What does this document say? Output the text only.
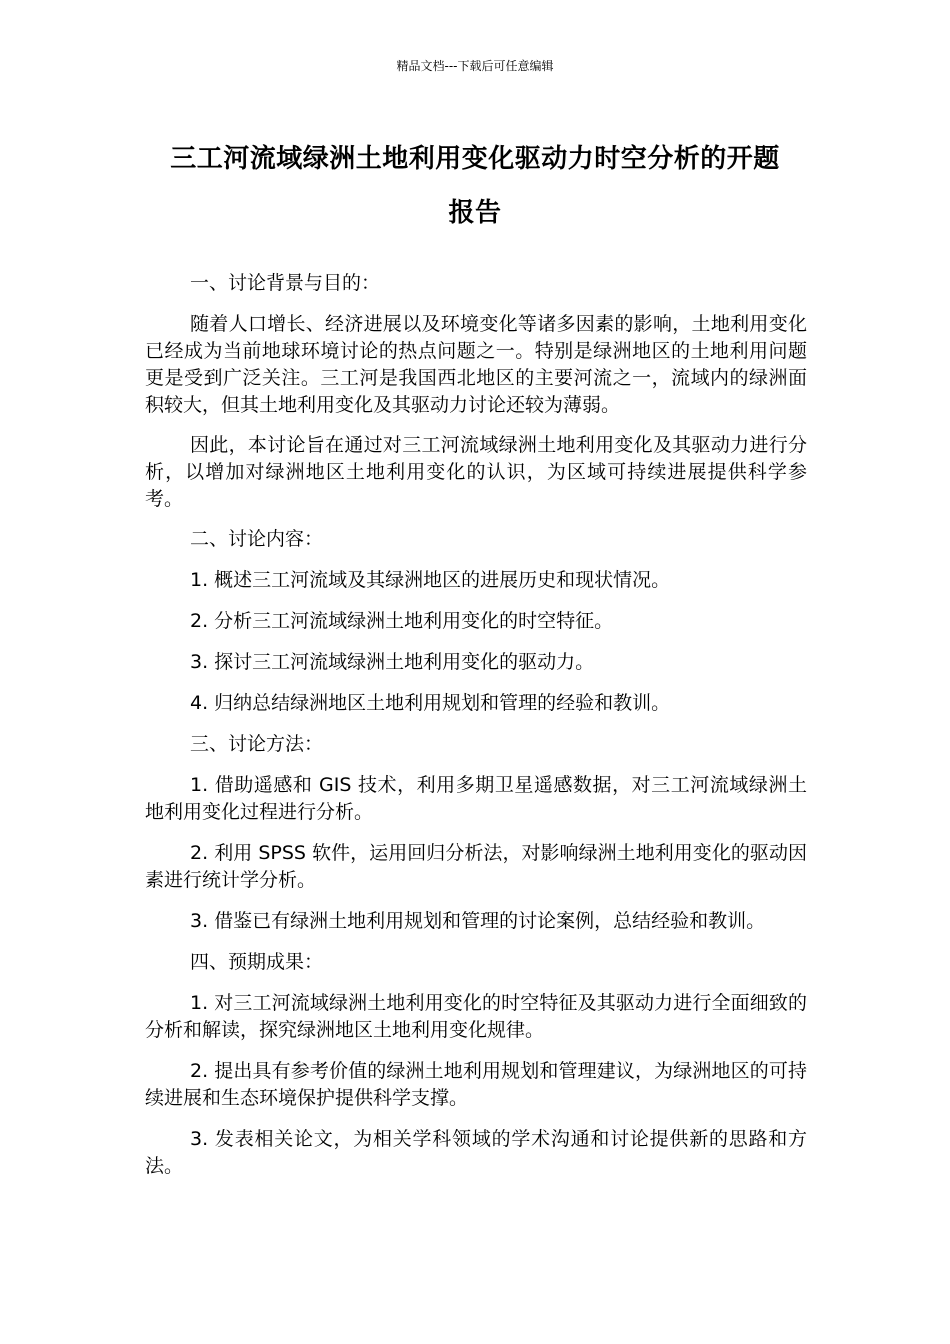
精品文档---下载后可任意编辑
三工河流域绿洲土地利用变化驱动力时空分析的开题
报告

一、讨论背景与目的：

随着人口增长、经济进展以及环境变化等诸多因素的影响，土地利用变化已经成为当前地球环境讨论的热点问题之一。特别是绿洲地区的土地利用问题更是受到广泛关注。三工河是我国西北地区的主要河流之一，流域内的绿洲面积较大，但其土地利用变化及其驱动力讨论还较为薄弱。

因此，本讨论旨在通过对三工河流域绿洲土地利用变化及其驱动力进行分析，以增加对绿洲地区土地利用变化的认识，为区域可持续进展提供科学参考。

二、讨论内容：

1. 概述三工河流域及其绿洲地区的进展历史和现状情况。

2. 分析三工河流域绿洲土地利用变化的时空特征。

3. 探讨三工河流域绿洲土地利用变化的驱动力。

4. 归纳总结绿洲地区土地利用规划和管理的经验和教训。

三、讨论方法：

1. 借助遥感和 GIS 技术，利用多期卫星遥感数据，对三工河流域绿洲土地利用变化过程进行分析。

2. 利用 SPSS 软件，运用回归分析法，对影响绿洲土地利用变化的驱动因素进行统计学分析。

3. 借鉴已有绿洲土地利用规划和管理的讨论案例，总结经验和教训。

四、预期成果：

1. 对三工河流域绿洲土地利用变化的时空特征及其驱动力进行全面细致的分析和解读，探究绿洲地区土地利用变化规律。

2. 提出具有参考价值的绿洲土地利用规划和管理建议，为绿洲地区的可持续进展和生态环境保护提供科学支撑。

3. 发表相关论文，为相关学科领域的学术沟通和讨论提供新的思路和方法。
